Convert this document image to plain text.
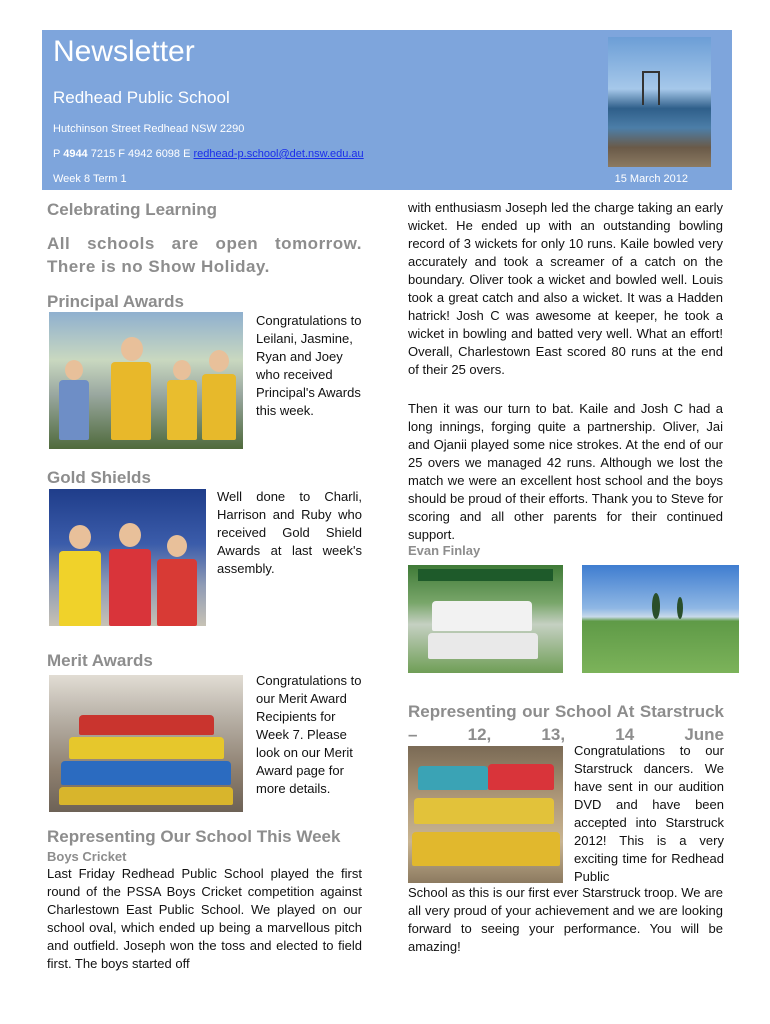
Newsletter
Redhead Public School
Hutchinson Street Redhead NSW 2290
P 4944 7215 F 4942 6098 E redhead-p.school@det.nsw.edu.au
Week 8 Term 1	15 March 2012
Celebrating Learning

All schools are open tomorrow. There is no Show Holiday.

Principal Awards

Congratulations to Leilani, Jasmine, Ryan and Joey who received Principal's Awards this week.

Gold Shields

Well done to Charli, Harrison and Ruby who received Gold Shield Awards at last week's assembly.

Merit Awards

Congratulations to our Merit Award Recipients for Week 7. Please look on our Merit Award page for more details.

Representing Our School This Week
Boys Cricket

Last Friday Redhead Public School played the first round of the PSSA Boys Cricket competition against Charlestown East Public School. We played on our school oval, which ended up being a marvellous pitch and outfield. Joseph won the toss and elected to field first. The boys started off

with enthusiasm Joseph led the charge taking an early wicket. He ended up with an outstanding bowling record of 3 wickets for only 10 runs. Kaile bowled very accurately and took a screamer of a catch on the boundary. Oliver took a wicket and bowled well. Louis took a great catch and also a wicket. It was a Hadden hatrick! Josh C was awesome at keeper, he took a wicket in bowling and batted very well. What an effort! Overall, Charlestown East scored 80 runs at the end of their 25 overs.

Then it was our turn to bat. Kaile and Josh C had a long innings, forging quite a partnership. Oliver, Jai and Ojanii played some nice strokes. At the end of our 25 overs we managed 42 runs. Although we lost the match we were an excellent host school and the boys should be proud of their efforts. Thank you to Steve for scoring and all other parents for their continued support.

Evan Finlay
Representing our School At Starstruck – 12, 13, 14 June

Congratulations to our Starstruck dancers. We have sent in our audition DVD and have been accepted into Starstruck 2012! This is a very exciting time for Redhead Public

School as this is our first ever Starstruck troop. We are all very proud of your achievement and we are looking forward to seeing your performance. You will be amazing!
